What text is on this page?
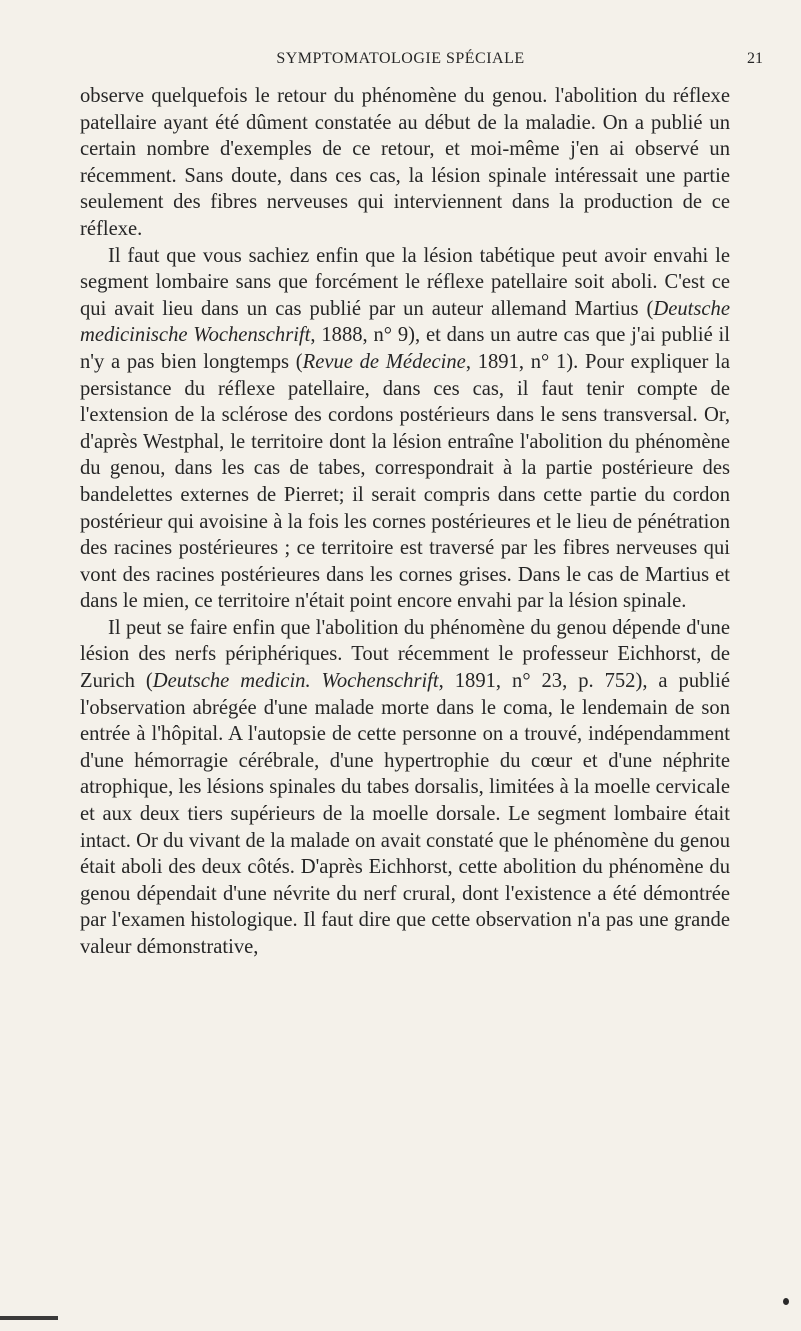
SYMPTOMATOLOGIE SPÉCIALE	21

observe quelquefois le retour du phénomène du genou. l'abolition du réflexe patellaire ayant été dûment constatée au début de la maladie. On a publié un certain nombre d'exemples de ce retour, et moi-même j'en ai observé un récemment. Sans doute, dans ces cas, la lésion spinale intéressait une partie seulement des fibres nerveuses qui interviennent dans la production de ce réflexe.

Il faut que vous sachiez enfin que la lésion tabétique peut avoir envahi le segment lombaire sans que forcément le réflexe patellaire soit aboli. C'est ce qui avait lieu dans un cas publié par un auteur allemand Martius (Deutsche medicinische Wochenschrift, 1888, n° 9), et dans un autre cas que j'ai publié il n'y a pas bien longtemps (Revue de Médecine, 1891, n° 1). Pour expliquer la persistance du réflexe patellaire, dans ces cas, il faut tenir compte de l'extension de la sclérose des cordons postérieurs dans le sens transversal. Or, d'après Westphal, le territoire dont la lésion entraîne l'abolition du phénomène du genou, dans les cas de tabes, correspondrait à la partie postérieure des bandelettes externes de Pierret; il serait compris dans cette partie du cordon postérieur qui avoisine à la fois les cornes postérieures et le lieu de pénétration des racines postérieures ; ce territoire est traversé par les fibres nerveuses qui vont des racines postérieures dans les cornes grises. Dans le cas de Martius et dans le mien, ce territoire n'était point encore envahi par la lésion spinale.

Il peut se faire enfin que l'abolition du phénomène du genou dépende d'une lésion des nerfs périphériques. Tout récemment le professeur Eichhorst, de Zurich (Deutsche medicin. Wochenschrift, 1891, n° 23, p. 752), a publié l'observation abrégée d'une malade morte dans le coma, le lendemain de son entrée à l'hôpital. A l'autopsie de cette personne on a trouvé, indépendamment d'une hémorragie cérébrale, d'une hypertrophie du cœur et d'une néphrite atrophique, les lésions spinales du tabes dorsalis, limitées à la moelle cervicale et aux deux tiers supérieurs de la moelle dorsale. Le segment lombaire était intact. Or du vivant de la malade on avait constaté que le phénomène du genou était aboli des deux côtés. D'après Eichhorst, cette abolition du phénomène du genou dépendait d'une névrite du nerf crural, dont l'existence a été démontrée par l'examen histologique. Il faut dire que cette observation n'a pas une grande valeur démonstrative,
